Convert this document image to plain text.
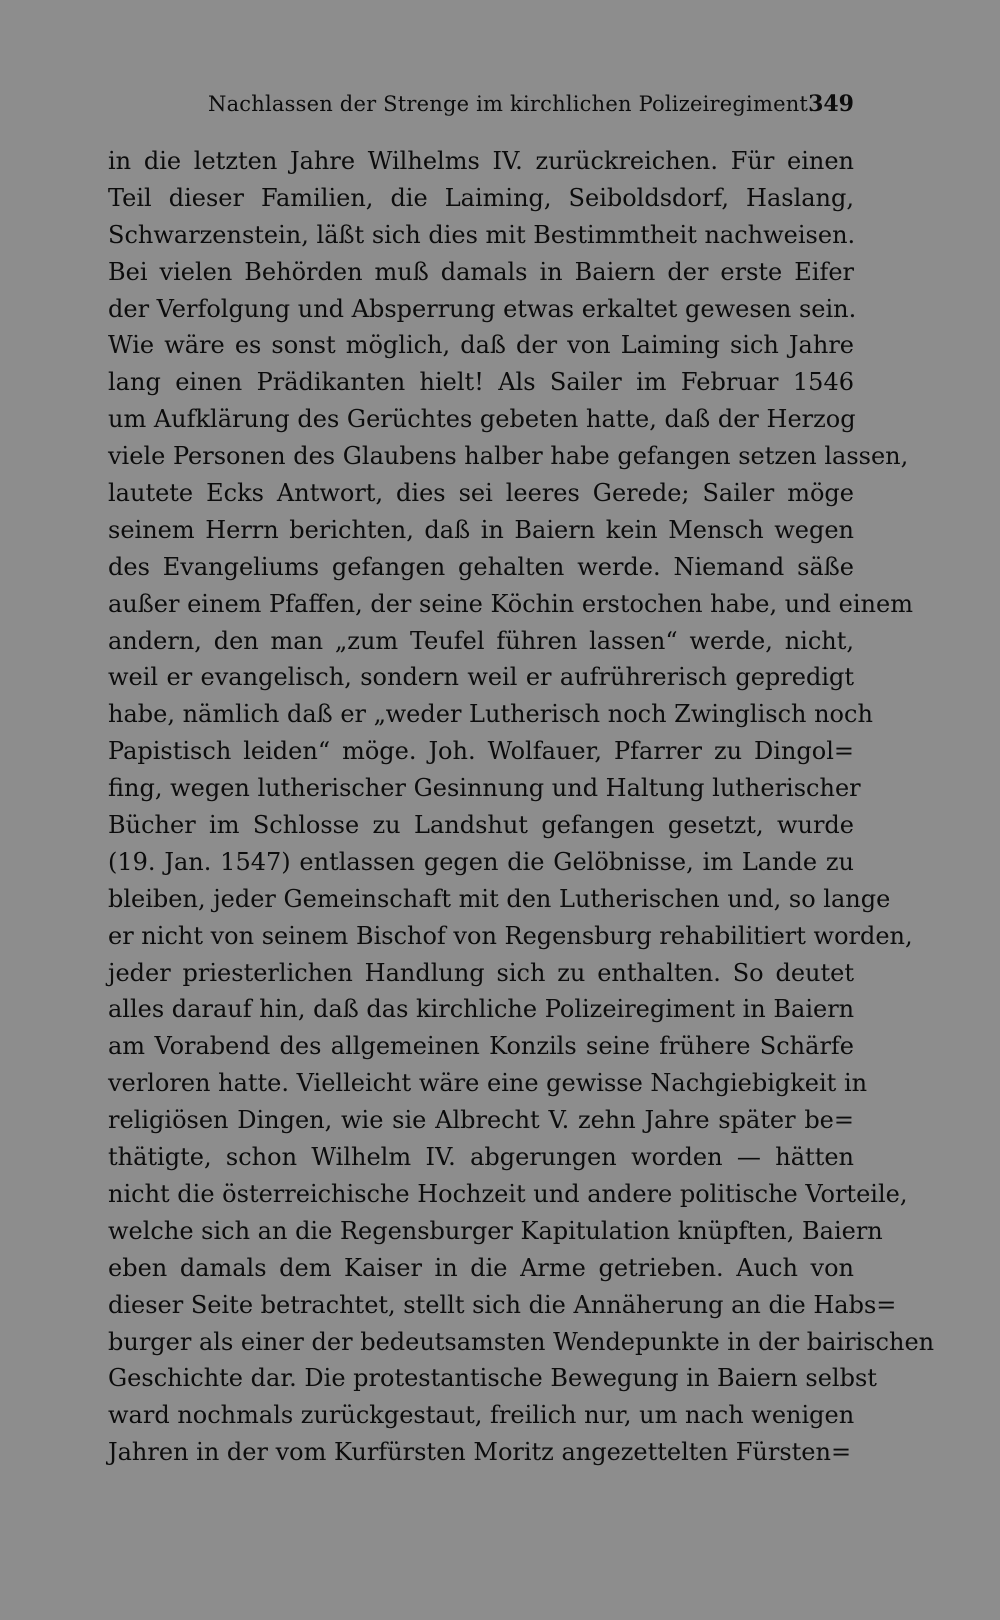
Nachlassen der Strenge im kirchlichen Polizeiregiment.
349
in die letzten Jahre Wilhelms IV. zurückreichen. Für einen
Teil dieser Familien, die Laiming, Seiboldsdorf, Haslang,
Schwarzenstein, läßt sich dies mit Bestimmtheit nachweisen.
Bei vielen Behörden muß damals in Baiern der erste Eifer
der Verfolgung und Absperrung etwas erkaltet gewesen sein.
Wie wäre es sonst möglich, daß der von Laiming sich Jahre
lang einen Prädikanten hielt! Als Sailer im Februar 1546
um Aufklärung des Gerüchtes gebeten hatte, daß der Herzog
viele Personen des Glaubens halber habe gefangen setzen lassen,
lautete Ecks Antwort, dies sei leeres Gerede; Sailer möge
seinem Herrn berichten, daß in Baiern kein Mensch wegen
des Evangeliums gefangen gehalten werde. Niemand säße
außer einem Pfaffen, der seine Köchin erstochen habe, und einem
andern, den man „zum Teufel führen lassen“ werde, nicht,
weil er evangelisch, sondern weil er aufrührerisch gepredigt
habe, nämlich daß er „weder Lutherisch noch Zwinglisch noch
Papistisch leiden“ möge. Joh. Wolfauer, Pfarrer zu Dingol=
fing, wegen lutherischer Gesinnung und Haltung lutherischer
Bücher im Schlosse zu Landshut gefangen gesetzt, wurde
(19. Jan. 1547) entlassen gegen die Gelöbnisse, im Lande zu
bleiben, jeder Gemeinschaft mit den Lutherischen und, so lange
er nicht von seinem Bischof von Regensburg rehabilitiert worden,
jeder priesterlichen Handlung sich zu enthalten. So deutet
alles darauf hin, daß das kirchliche Polizeiregiment in Baiern
am Vorabend des allgemeinen Konzils seine frühere Schärfe
verloren hatte. Vielleicht wäre eine gewisse Nachgiebigkeit in
religiösen Dingen, wie sie Albrecht V. zehn Jahre später be=
thätigte, schon Wilhelm IV. abgerungen worden — hätten
nicht die österreichische Hochzeit und andere politische Vorteile,
welche sich an die Regensburger Kapitulation knüpften, Baiern
eben damals dem Kaiser in die Arme getrieben. Auch von
dieser Seite betrachtet, stellt sich die Annäherung an die Habs=
burger als einer der bedeutsamsten Wendepunkte in der bairischen
Geschichte dar. Die protestantische Bewegung in Baiern selbst
ward nochmals zurückgestaut, freilich nur, um nach wenigen
Jahren in der vom Kurfürsten Moritz angezettelten Fürsten=
